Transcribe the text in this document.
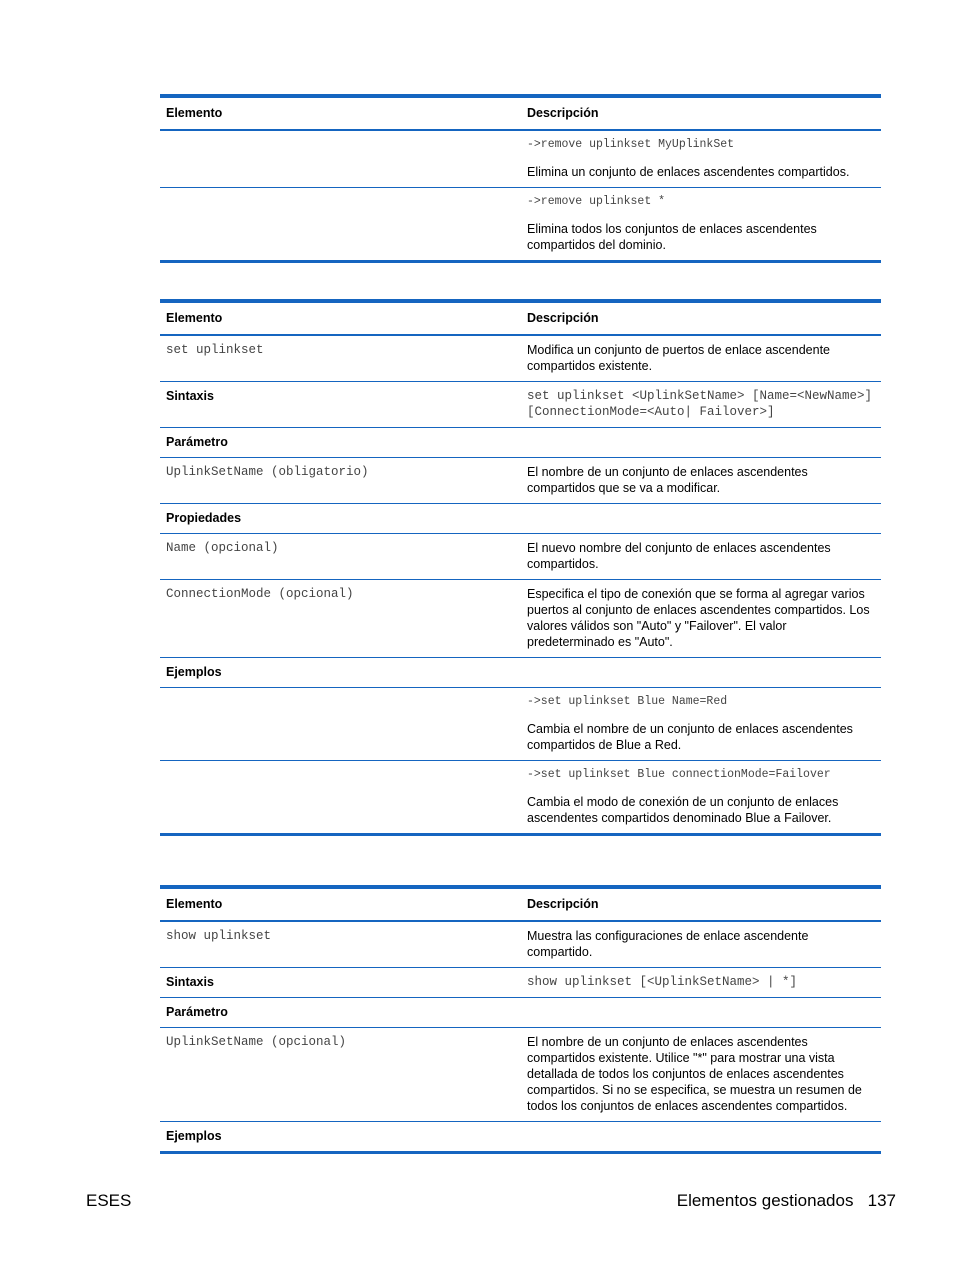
Elemento	Descripción

	->remove uplinkset MyUplinkSet

Elimina un conjunto de enlaces ascendentes compartidos.

	->remove uplinkset *

Elimina todos los conjuntos de enlaces ascendentes compartidos del dominio.

Elemento	Descripción
set uplinkset	Modifica un conjunto de puertos de enlace ascendente compartidos existente.
Sintaxis	set uplinkset <UplinkSetName> [Name=<NewName>] [ConnectionMode=<Auto| Failover>]
Parámetro	
UplinkSetName (obligatorio)	El nombre de un conjunto de enlaces ascendentes compartidos que se va a modificar.
Propiedades	
Name (opcional)	El nuevo nombre del conjunto de enlaces ascendentes compartidos.
ConnectionMode (opcional)	Especifica el tipo de conexión que se forma al agregar varios puertos al conjunto de enlaces ascendentes compartidos. Los valores válidos son "Auto" y "Failover". El valor predeterminado es "Auto".
Ejemplos	

	->set uplinkset Blue Name=Red

Cambia el nombre de un conjunto de enlaces ascendentes compartidos de Blue a Red.

	->set uplinkset Blue connectionMode=Failover

Cambia el modo de conexión de un conjunto de enlaces ascendentes compartidos denominado Blue a Failover.

Elemento	Descripción
show uplinkset	Muestra las configuraciones de enlace ascendente compartido.
Sintaxis	show uplinkset [<UplinkSetName> | *]
Parámetro	
UplinkSetName (opcional)	El nombre de un conjunto de enlaces ascendentes compartidos existente. Utilice "*" para mostrar una vista detallada de todos los conjuntos de enlaces ascendentes compartidos. Si no se especifica, se muestra un resumen de todos los conjuntos de enlaces ascendentes compartidos.
Ejemplos	
ESES	Elementos gestionados   137
